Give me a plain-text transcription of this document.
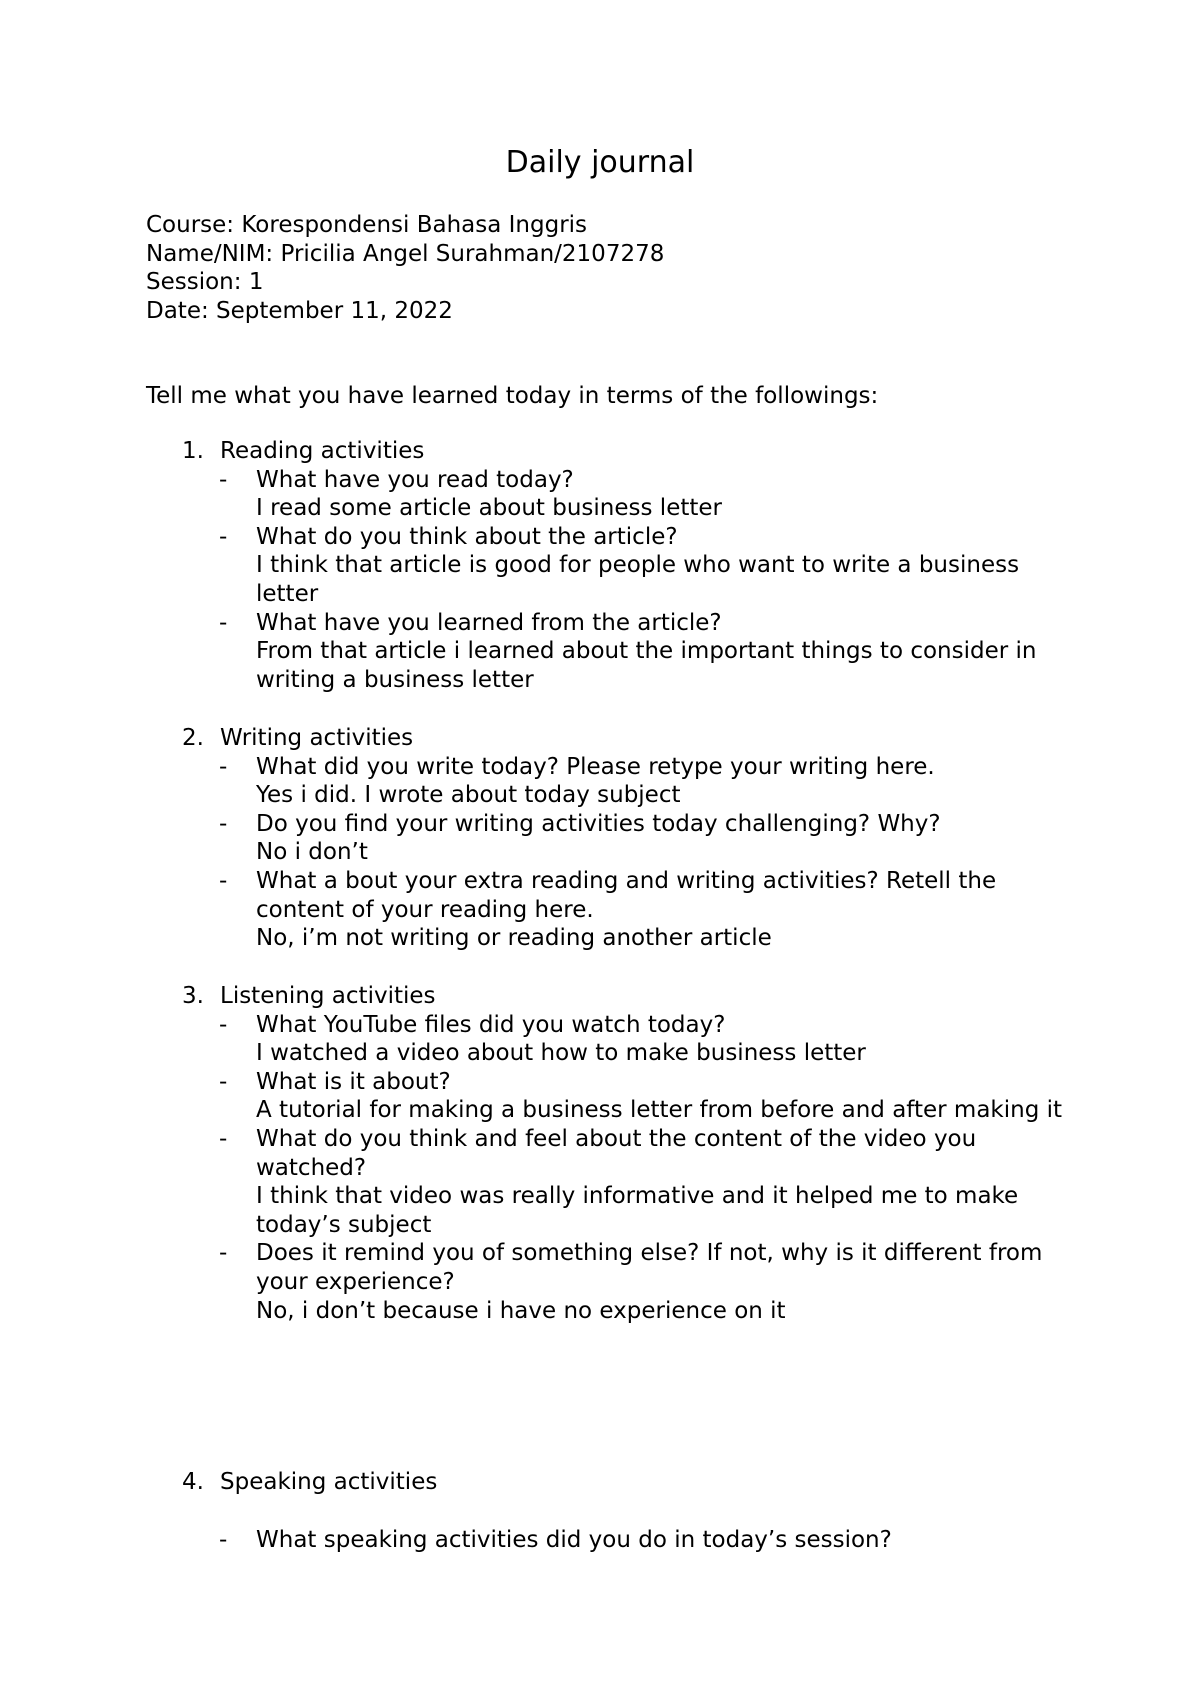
Daily journal
Course: Korespondensi Bahasa Inggris
Name/NIM: Pricilia Angel Surahman/2107278
Session: 1
Date: September 11, 2022
Tell me what you have learned today in terms of the followings:
1. Reading activities
- What have you read today?
I read some article about business letter
- What do you think about the article?
I think that article is good for people who want to write a business letter
- What have you learned from the article?
From that article i learned about the important things to consider in writing a business letter
2. Writing activities
- What did you write today? Please retype your writing here.
Yes i did. I wrote about today subject
- Do you find your writing activities today challenging? Why?
No i don’t
- What a bout your extra reading and writing activities? Retell the content of your reading here.
No, i’m not writing or reading another article
3. Listening activities
- What YouTube files did you watch today?
I watched a video about how to make business letter
- What is it about?
A tutorial for making a business letter from before and after making it
- What do you think and feel about the content of the video you watched?
I think that video was really informative and it helped me to make today’s subject
- Does it remind you of something else? If not, why is it different from your experience?
No, i don’t because i have no experience on it
4. Speaking activities
- What speaking activities did you do in today’s session?
